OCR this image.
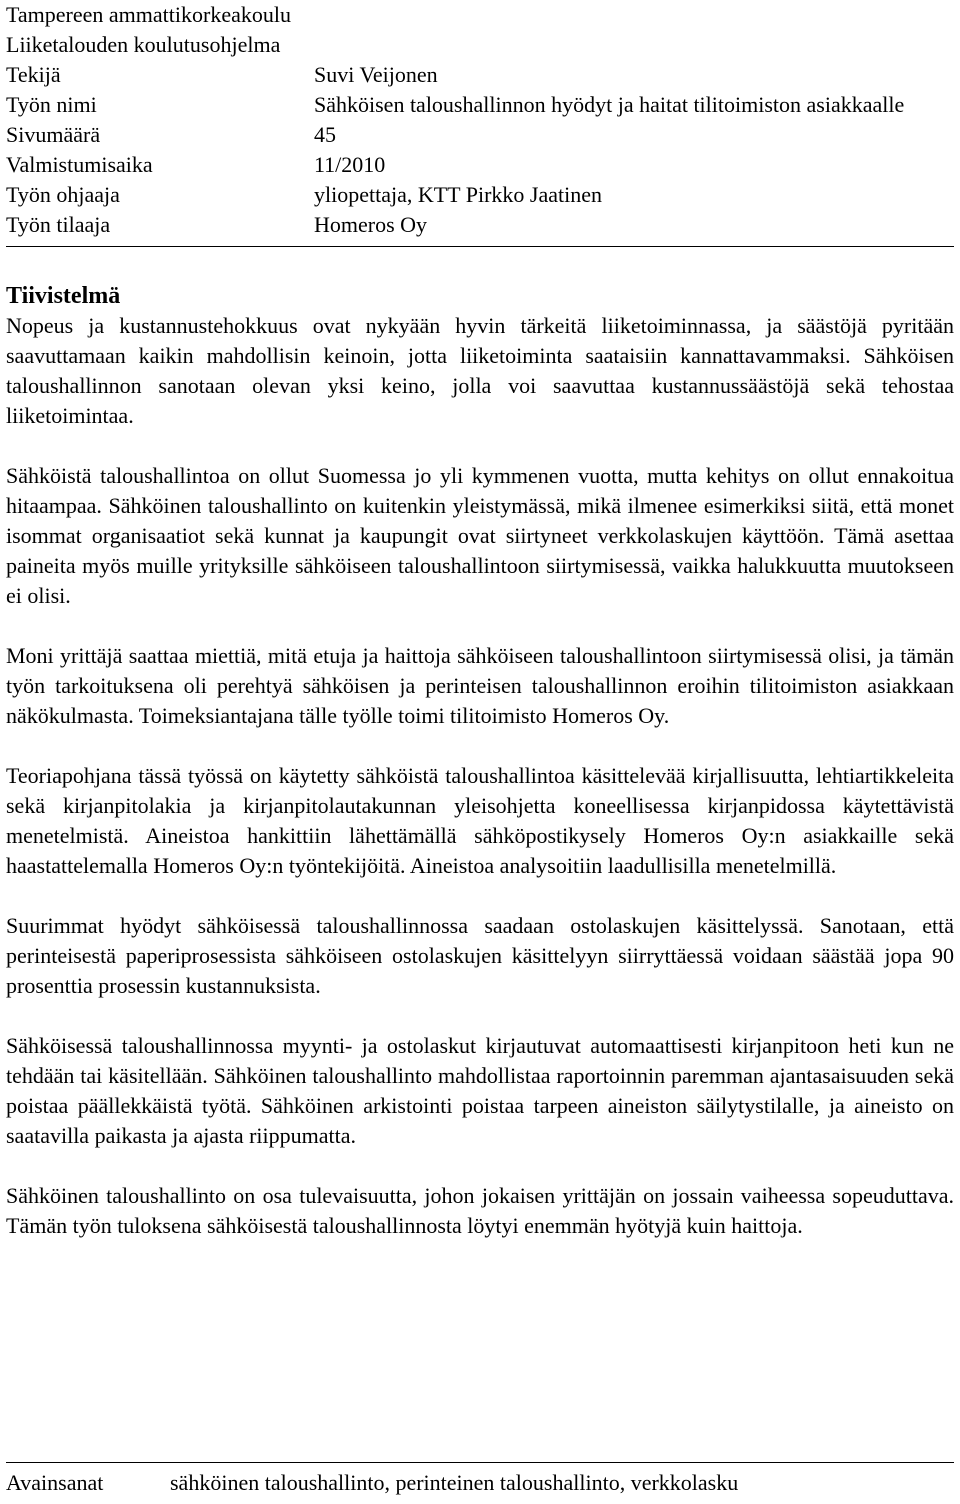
Tampereen ammattikorkeakoulu
Liiketalouden koulutusohjelma
Tekijä	Suvi Veijonen
Työn nimi	Sähköisen taloushallinnon hyödyt ja haitat tilitoimiston asiakkaalle
Sivumäärä	45
Valmistumisaika	11/2010
Työn ohjaaja	yliopettaja, KTT Pirkko Jaatinen
Työn tilaaja	Homeros Oy
Tiivistelmä

Nopeus ja kustannustehokkuus ovat nykyään hyvin tärkeitä liiketoiminnassa, ja säästöjä pyritään saavuttamaan kaikin mahdollisin keinoin, jotta liiketoiminta saataisiin kannattavammaksi. Sähköisen taloushallinnon sanotaan olevan yksi keino, jolla voi saavuttaa kustannussäästöjä sekä tehostaa liiketoimintaa.

Sähköistä taloushallintoa on ollut Suomessa jo yli kymmenen vuotta, mutta kehitys on ollut ennakoitua hitaampaa. Sähköinen taloushallinto on kuitenkin yleistymässä, mikä ilmenee esimerkiksi siitä, että monet isommat organisaatiot sekä kunnat ja kaupungit ovat siirtyneet verkkolaskujen käyttöön. Tämä asettaa paineita myös muille yrityksille sähköiseen taloushallintoon siirtymisessä, vaikka halukkuutta muutokseen ei olisi.

Moni yrittäjä saattaa miettiä, mitä etuja ja haittoja sähköiseen taloushallintoon siirtymisessä olisi, ja tämän työn tarkoituksena oli perehtyä sähköisen ja perinteisen taloushallinnon eroihin tilitoimiston asiakkaan näkökulmasta. Toimeksiantajana tälle työlle toimi tilitoimisto Homeros Oy.

Teoriapohjana tässä työssä on käytetty sähköistä taloushallintoa käsittelevää kirjallisuutta, lehtiartikkeleita sekä kirjanpitolakia ja kirjanpitolautakunnan yleisohjetta koneellisessa kirjanpidossa käytettävistä menetelmistä. Aineistoa hankittiin lähettämällä sähköpostikysely Homeros Oy:n asiakkaille sekä haastattelemalla Homeros Oy:n työntekijöitä. Aineistoa analysoitiin laadullisilla menetelmillä.

Suurimmat hyödyt sähköisessä taloushallinnossa saadaan ostolaskujen käsittelyssä. Sanotaan, että perinteisestä paperiprosessista sähköiseen ostolaskujen käsittelyyn siirryttäessä voidaan säästää jopa 90 prosenttia prosessin kustannuksista.

Sähköisessä taloushallinnossa myynti- ja ostolaskut kirjautuvat automaattisesti kirjanpitoon heti kun ne tehdään tai käsitellään. Sähköinen taloushallinto mahdollistaa raportoinnin paremman ajantasaisuuden sekä poistaa päällekkäistä työtä. Sähköinen arkistointi poistaa tarpeen aineiston säilytystilalle, ja aineisto on saatavilla paikasta ja ajasta riippumatta.

Sähköinen taloushallinto on osa tulevaisuutta, johon jokaisen yrittäjän on jossain vaiheessa sopeuduttava. Tämän työn tuloksena sähköisestä taloushallinnosta löytyi enemmän hyötyjä kuin haittoja.

Avainsanat	sähköinen taloushallinto, perinteinen taloushallinto, verkkolasku
